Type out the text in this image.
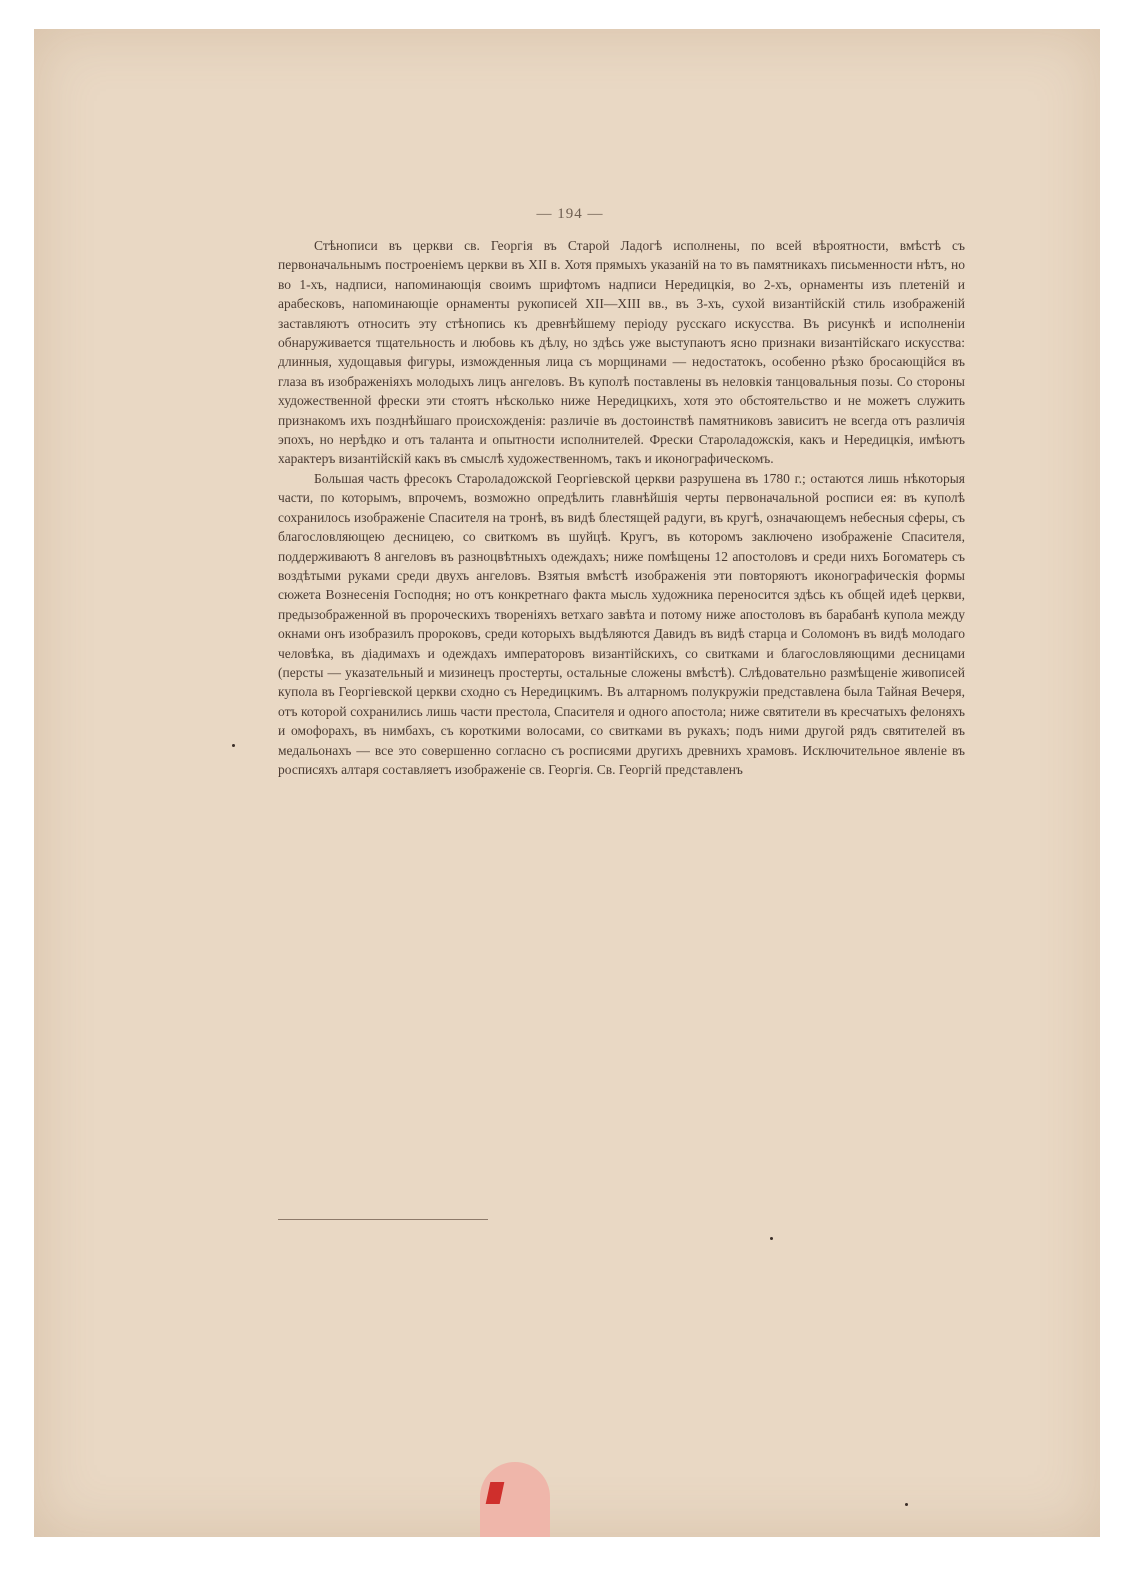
— 194 —

Стѣнописи въ церкви св. Георгія въ Старой Ладогѣ исполнены, по всей вѣроятности, вмѣстѣ съ первоначальнымъ построеніемъ церкви въ XII в. Хотя прямыхъ указаній на то въ памятникахъ письменности нѣтъ, но во 1-хъ, надписи, напоминающія своимъ шрифтомъ надписи Нередицкія, во 2-хъ, орнаменты изъ плетеній и арабесковъ, напоминающіе орнаменты рукописей XII—XIII вв., въ 3-хъ, сухой византійскій стиль изображеній заставляютъ относить эту стѣнопись къ древнѣйшему періоду русскаго искусства. Въ рисункѣ и исполненіи обнаруживается тщательность и любовь къ дѣлу, но здѣсь уже выступаютъ ясно признаки византійскаго искусства: длинныя, худощавыя фигуры, изможденныя лица съ морщинами — недостатокъ, особенно рѣзко бросающійся въ глаза въ изображеніяхъ молодыхъ лицъ ангеловъ. Въ куполѣ поставлены въ неловкія танцовальныя позы. Со стороны художественной фрески эти стоятъ нѣсколько ниже Нередицкихъ, хотя это обстоятельство и не можетъ служить признакомъ ихъ позднѣйшаго происхожденія: различіе въ достоинствѣ памятниковъ зависитъ не всегда отъ различія эпохъ, но нерѣдко и отъ таланта и опытности исполнителей. Фрески Староладожскія, какъ и Нередицкія, имѣютъ характеръ византійскій какъ въ смыслѣ художественномъ, такъ и иконографическомъ.

Большая часть фресокъ Староладожской Георгіевской церкви разрушена въ 1780 г.; остаются лишь нѣкоторыя части, по которымъ, впрочемъ, возможно опредѣлить главнѣйшія черты первоначальной росписи ея: въ куполѣ сохранилось изображеніе Спасителя на тронѣ, въ видѣ блестящей радуги, въ кругѣ, означающемъ небесныя сферы, съ благословляющею десницею, со свиткомъ въ шуйцѣ. Кругъ, въ которомъ заключено изображеніе Спасителя, поддерживаютъ 8 ангеловъ въ разноцвѣтныхъ одеждахъ; ниже помѣщены 12 апостоловъ и среди нихъ Богоматерь съ воздѣтыми руками среди двухъ ангеловъ. Взятыя вмѣстѣ изображенія эти повторяютъ иконографическія формы сюжета Вознесенія Господня; но отъ конкретнаго факта мысль художника переносится здѣсь къ общей идеѣ церкви, предызображенной въ пророческихъ твореніяхъ ветхаго завѣта и потому ниже апостоловъ въ барабанѣ купола между окнами онъ изобразилъ пророковъ, среди которыхъ выдѣляются Давидъ въ видѣ старца и Соломонъ въ видѣ молодаго человѣка, въ діадимахъ и одеждахъ императоровъ византійскихъ, со свитками и благословляющими десницами (персты — указательный и мизинецъ простерты, остальные сложены вмѣстѣ). Слѣдовательно размѣщеніе живописей купола въ Георгіевской церкви сходно съ Нередицкимъ. Въ алтарномъ полукружіи представлена была Тайная Вечеря, отъ которой сохранились лишь части престола, Спасителя и одного апостола; ниже святители въ кресчатыхъ фелоняхъ и омофорахъ, въ нимбахъ, съ короткими волосами, со свитками въ рукахъ; подъ ними другой рядъ святителей въ медальонахъ — все это совершенно согласно съ росписями другихъ древнихъ храмовъ. Исключительное явленіе въ росписяхъ алтаря составляетъ изображеніе св. Георгія. Св. Георгій представленъ
